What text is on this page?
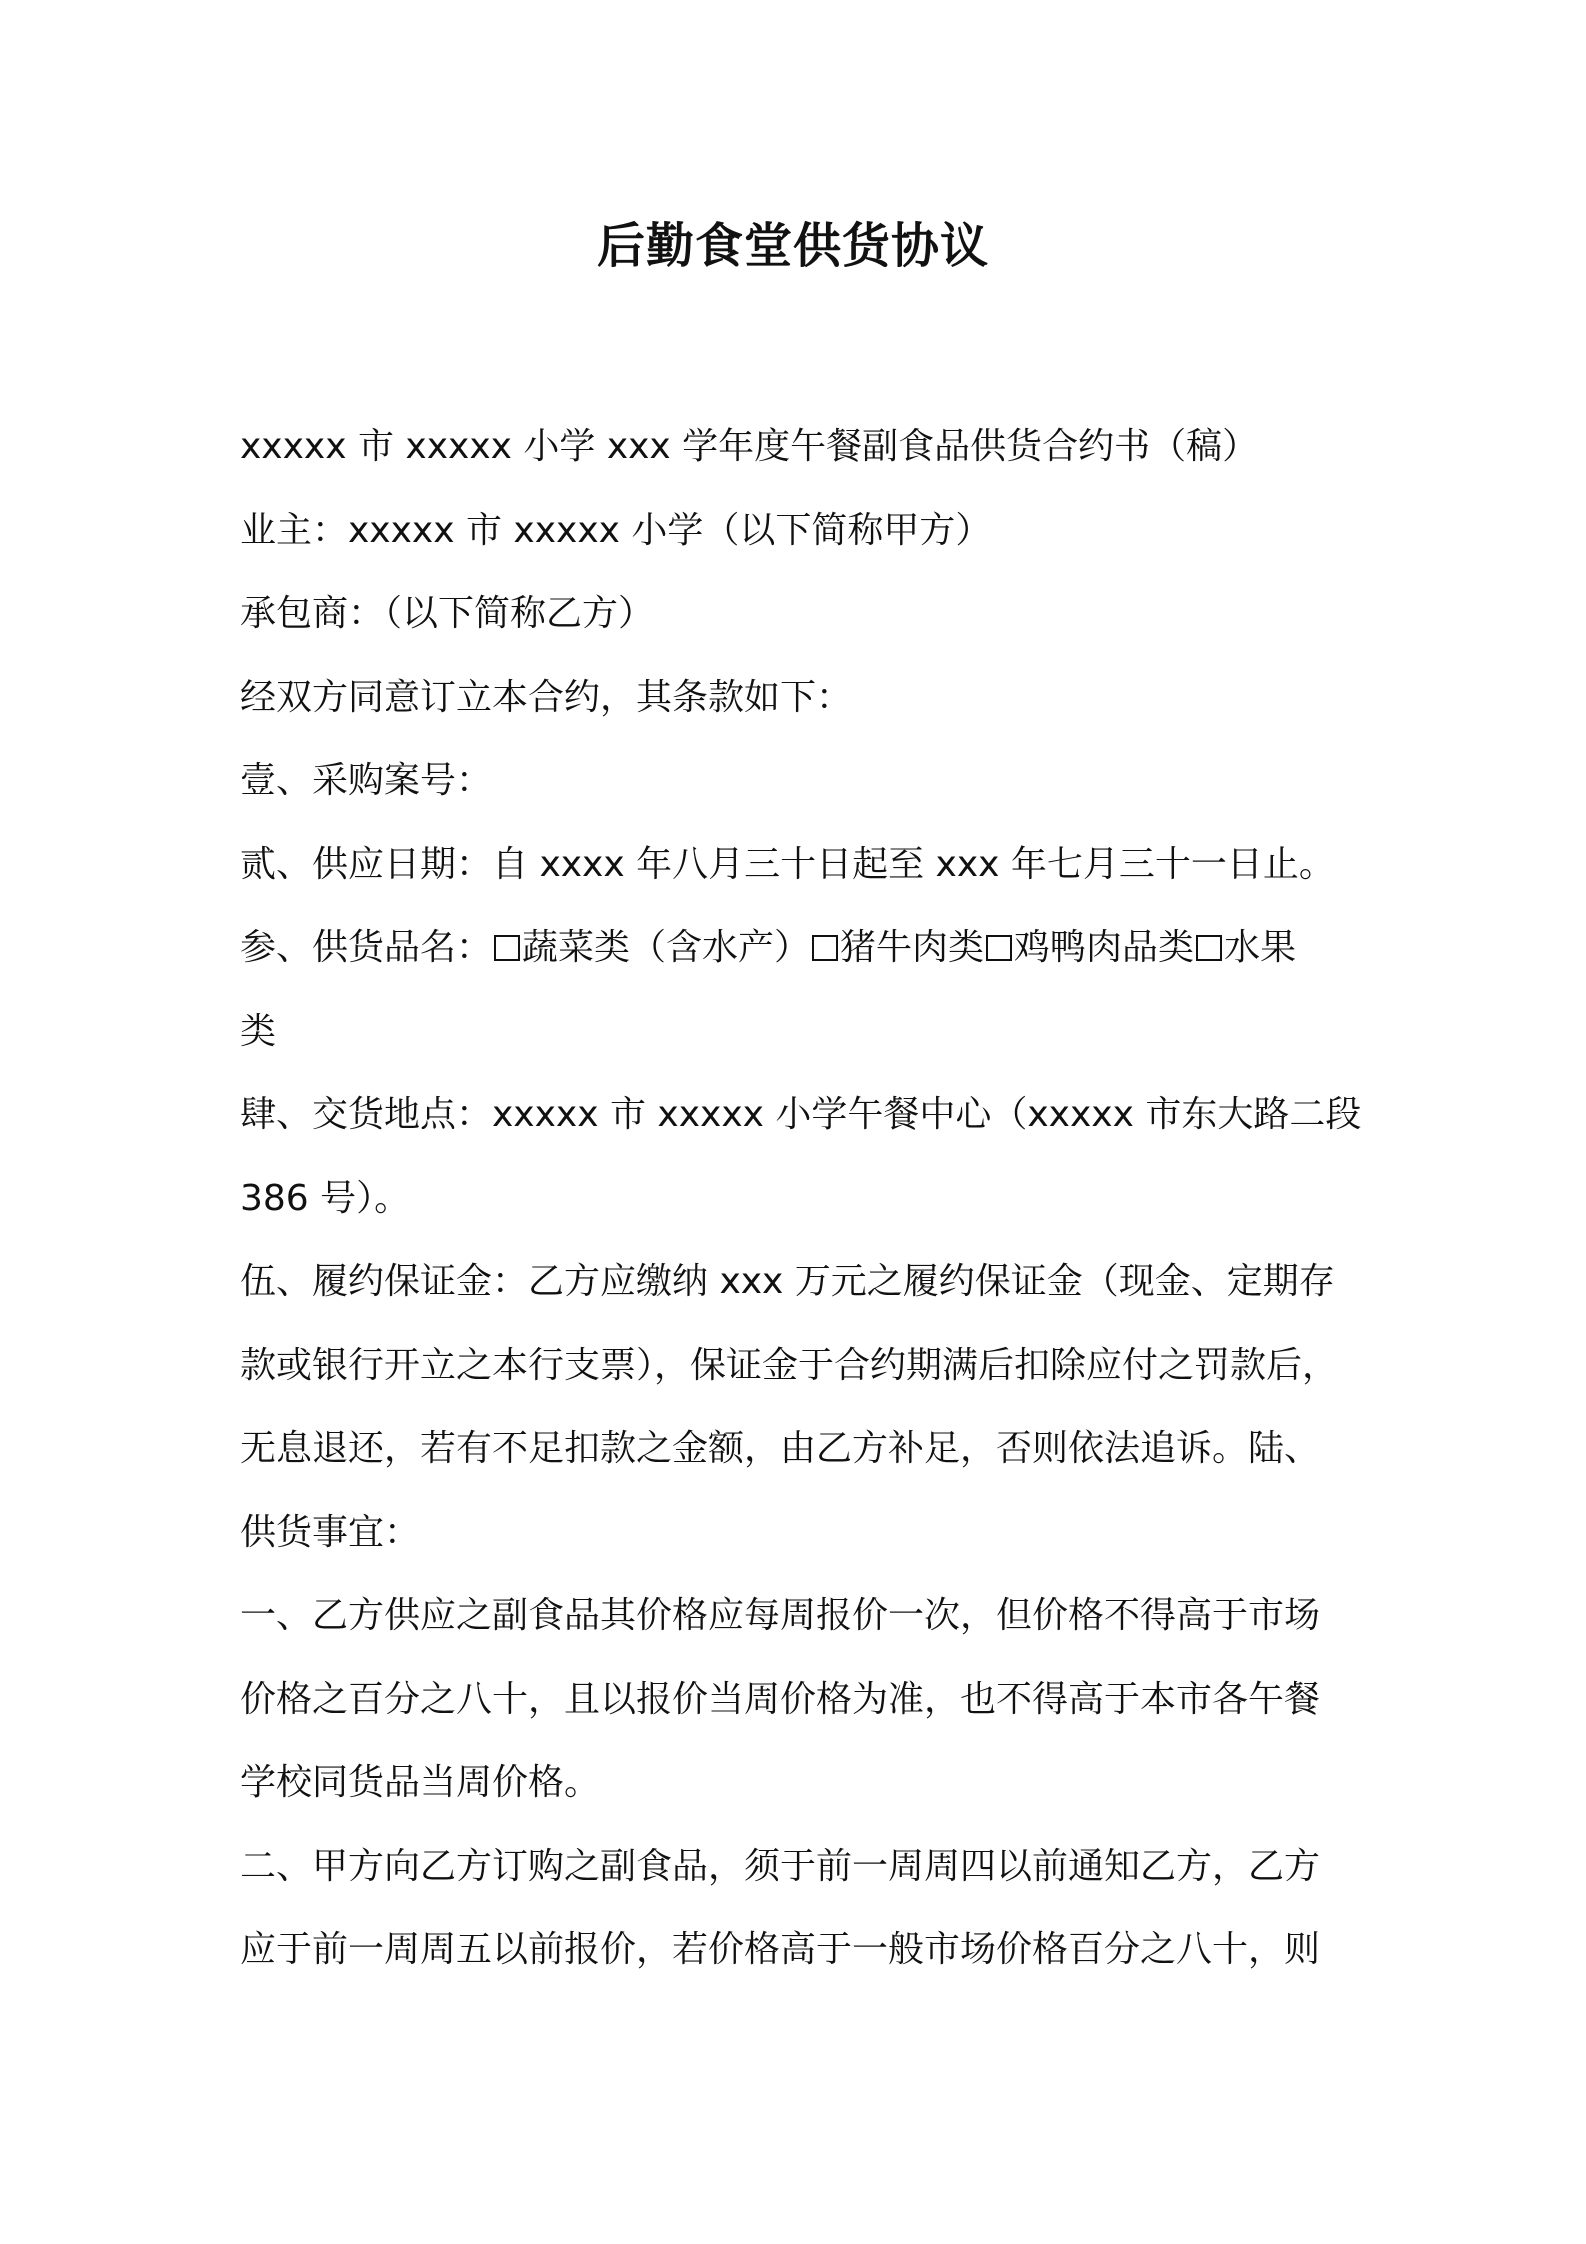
后勤食堂供货协议
xxxxx 市 xxxxx 小学 xxx 学年度午餐副食品供货合约书（稿）
业主：xxxxx 市 xxxxx 小学（以下简称甲方）
承包商：（以下简称乙方）
经双方同意订立本合约，其条款如下：
壹、采购案号：
贰、供应日期：自 xxxx 年八月三十日起至 xxx 年七月三十一日止。
参、供货品名： 蔬菜类（含水产） 猪牛肉类 鸡鸭肉品类 水果
类
肆、交货地点：xxxxx 市 xxxxx 小学午餐中心（xxxxx 市东大路二段
386 号）。
伍、履约保证金：乙方应缴纳 xxx 万元之履约保证金（现金、定期存
款或银行开立之本行支票），保证金于合约期满后扣除应付之罚款后，
无息退还，若有不足扣款之金额，由乙方补足，否则依法追诉。陆、
供货事宜：
一、乙方供应之副食品其价格应每周报价一次，但价格不得高于市场
价格之百分之八十，且以报价当周价格为准，也不得高于本市各午餐
学校同货品当周价格。
二、甲方向乙方订购之副食品，须于前一周周四以前通知乙方，乙方
应于前一周周五以前报价，若价格高于一般市场价格百分之八十，则
